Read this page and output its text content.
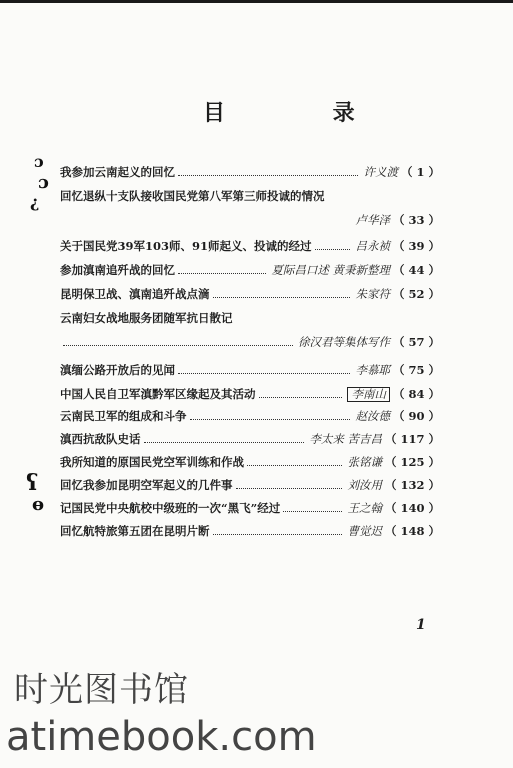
目 录
ɔ
ɔ
¿
ʕ
ɵ
我参加云南起义的回忆	许义渡 （ 1 ）
回忆退纵十支队接收国民党第八军第三师投诚的情况
卢华泽 （ 33 ）
关于国民党39军103师、91师起义、投诚的经过	吕永祯 （ 39 ）
参加滇南追歼战的回忆	夏际昌口述 黄秉新整理 （ 44 ）
昆明保卫战、滇南追歼战点滴	朱家符 （ 52 ）
云南妇女战地服务团随军抗日散记
徐汉君等集体写作 （ 57 ）
滇缅公路开放后的见闻	李慕耶 （ 75 ）
中国人民自卫军滇黔军区缘起及其活动	李南山 （ 84 ）
云南民卫军的组成和斗争	赵汝德 （ 90 ）
滇西抗敌队史话	李太来 苦吉昌 （ 117 ）
我所知道的原国民党空军训练和作战	张铭谦 （ 125 ）
回忆我参加昆明空军起义的几件事	刘汝用 （ 132 ）
记国民党中央航校中级班的一次“黑飞”经过	王之翰 （ 140 ）
回忆航特旅第五团在昆明片断	曹觉迟 （ 148 ）
1
时光图书馆
atimebook.com
